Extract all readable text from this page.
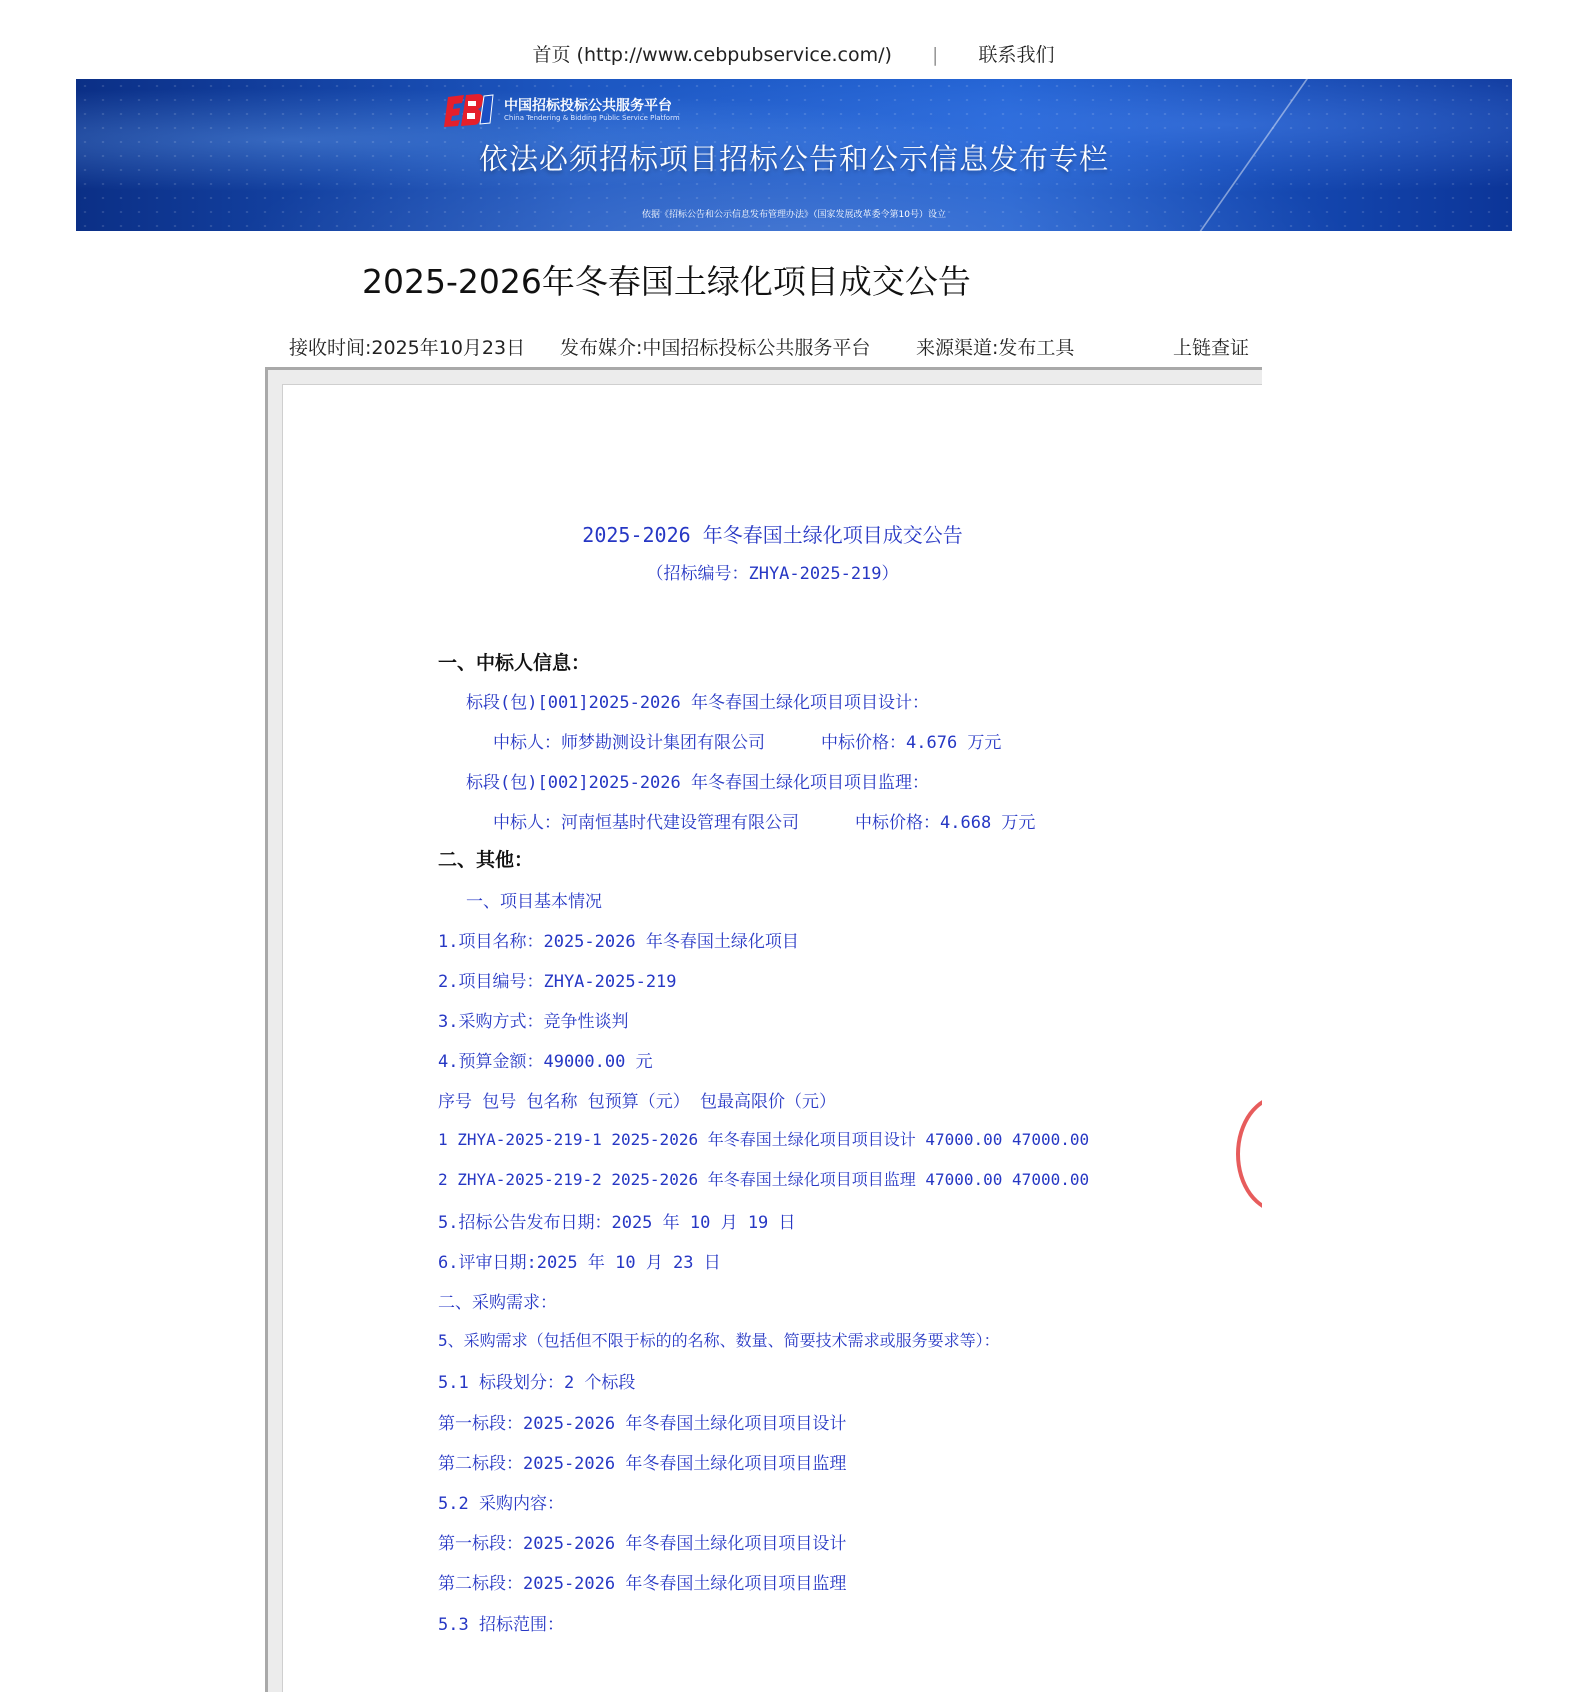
首页 (http://www.cebpubservice.com/) | 联系我们
中国招标投标公共服务平台
China Tendering & Bidding Public Service Platform
依法必须招标项目招标公告和公示信息发布专栏
依据《招标公告和公示信息发布管理办法》（国家发展改革委令第10号）设立
2025-2026年冬春国土绿化项目成交公告
接收时间:2025年10月23日 发布媒介:中国招标投标公共服务平台 来源渠道:发布工具	上链查证
2025-2026 年冬春国土绿化项目成交公告
（招标编号：ZHYA-2025-219）
一、中标人信息：
标段(包)[001]2025-2026 年冬春国土绿化项目项目设计：
中标人：师梦勘测设计集团有限公司	中标价格：4.676 万元
标段(包)[002]2025-2026 年冬春国土绿化项目项目监理：
中标人：河南恒基时代建设管理有限公司	中标价格：4.668 万元
二、其他：
一、项目基本情况
1.项目名称：2025-2026 年冬春国土绿化项目
2.项目编号：ZHYA-2025-219
3.采购方式：竞争性谈判
4.预算金额：49000.00 元
序号 包号 包名称 包预算（元） 包最高限价（元）
1 ZHYA-2025-219-1 2025-2026 年冬春国土绿化项目项目设计 47000.00 47000.00
2 ZHYA-2025-219-2 2025-2026 年冬春国土绿化项目项目监理 47000.00 47000.00
5.招标公告发布日期：2025 年 10 月 19 日
6.评审日期:2025 年 10 月 23 日
二、采购需求：
5、采购需求（包括但不限于标的的名称、数量、简要技术需求或服务要求等）：
5.1 标段划分：2 个标段
第一标段：2025-2026 年冬春国土绿化项目项目设计
第二标段：2025-2026 年冬春国土绿化项目项目监理
5.2 采购内容：
第一标段：2025-2026 年冬春国土绿化项目项目设计
第二标段：2025-2026 年冬春国土绿化项目项目监理
5.3 招标范围：
